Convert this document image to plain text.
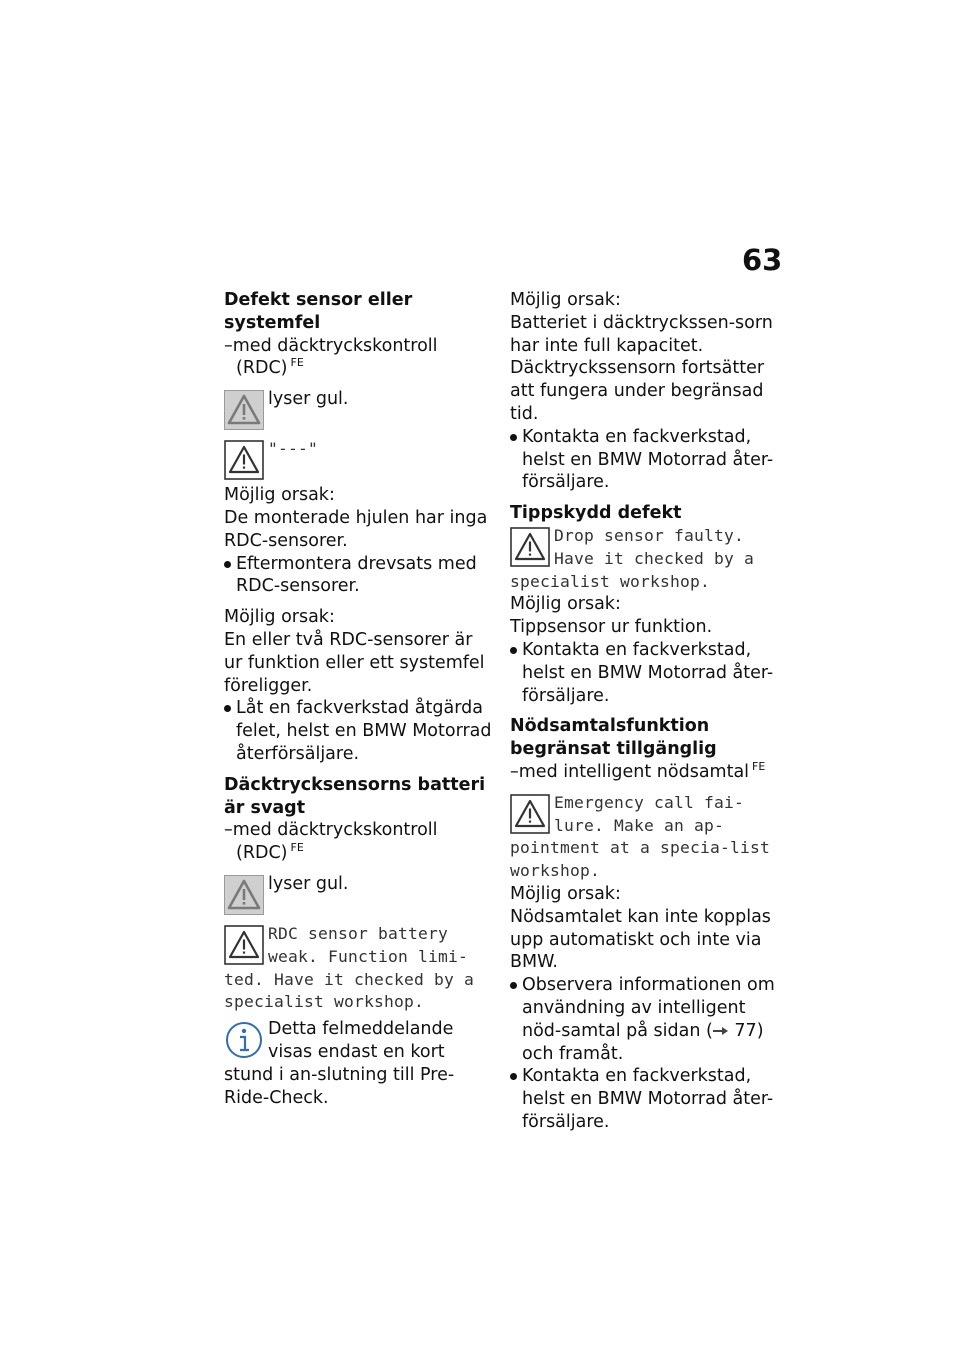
63

Defekt sensor eller systemfel

–med däcktryckskontroll (RDC) $^{FE}$

lyser gul.

"---"

Möjlig orsak:

De monterade hjulen har inga RDC-sensorer.

Eftermontera drevsats med RDC-sensorer.

Möjlig orsak:

En eller två RDC-sensorer är ur funktion eller ett systemfel föreligger.

Låt en fackverkstad åtgärda felet, helst en BMW Motorrad återförsäljare.

Däcktrycksensorns batteri är svagt

–med däcktryckskontroll (RDC) $^{FE}$

lyser gul.

RDC sensor battery weak. Function limi-ted. Have it checked by a specialist workshop.

Detta felmeddelande visas endast en kort stund i an-slutning till Pre-Ride-Check.

Möjlig orsak:

Batteriet i däcktryckssen-sorn har inte full kapacitet. Däcktryckssensorn fortsätter att fungera under begränsad tid.

Kontakta en fackverkstad, helst en BMW Motorrad åter-försäljare.

Tippskydd defekt

Drop sensor faulty. Have it checked by a specialist workshop.

Möjlig orsak:

Tippsensor ur funktion.

Kontakta en fackverkstad, helst en BMW Motorrad åter-försäljare.

Nödsamtalsfunktion begränsat tillgänglig

–med intelligent nödsamtal $^{FE}$

Emergency call fai-lure. Make an ap-pointment at a specia-list workshop.

Möjlig orsak:

Nödsamtalet kan inte kopplas upp automatiskt och inte via BMW.

Observera informationen om användning av intelligent nöd-samtal på sidan ( 77) och framåt.

Kontakta en fackverkstad, helst en BMW Motorrad åter-försäljare.
